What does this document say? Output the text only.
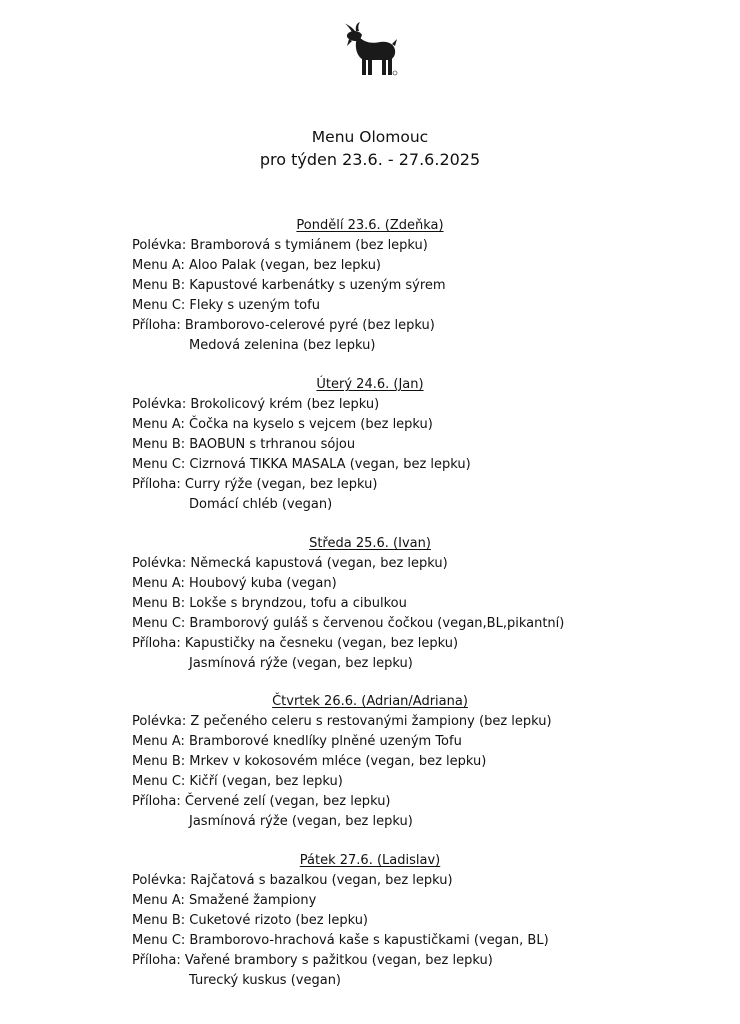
Menu Olomouc
pro týden 23.6. - 27.6.2025
Pondělí 23.6. (Zdeňka)
Polévka: Bramborová s tymiánem (bez lepku)
Menu A: Aloo Palak (vegan, bez lepku)
Menu B: Kapustové karbenátky s uzeným sýrem
Menu C: Fleky s uzeným tofu
Příloha: Bramborovo-celerové pyré (bez lepku)
Medová zelenina (bez lepku)
Úterý 24.6. (Jan)
Polévka: Brokolicový krém (bez lepku)
Menu A: Čočka na kyselo s vejcem (bez lepku)
Menu B: BAOBUN s trhranou sójou
Menu C: Cizrnová TIKKA MASALA (vegan, bez lepku)
Příloha: Curry rýže (vegan, bez lepku)
Domácí chléb (vegan)
Středa 25.6. (Ivan)
Polévka: Německá kapustová (vegan, bez lepku)
Menu A: Houbový kuba (vegan)
Menu B: Lokše s bryndzou, tofu a cibulkou
Menu C: Bramborový guláš s červenou čočkou (vegan,BL,pikantní)
Příloha: Kapustičky na česneku (vegan, bez lepku)
Jasmínová rýže (vegan, bez lepku)
Čtvrtek 26.6. (Adrian/Adriana)
Polévka: Z pečeného celeru s restovanými žampiony (bez lepku)
Menu A: Bramborové knedlíky plněné uzeným Tofu
Menu B: Mrkev v kokosovém mléce (vegan, bez lepku)
Menu C: Kičří (vegan, bez lepku)
Příloha: Červené zelí (vegan, bez lepku)
Jasmínová rýže (vegan, bez lepku)
Pátek 27.6. (Ladislav)
Polévka: Rajčatová s bazalkou (vegan, bez lepku)
Menu A: Smažené žampiony
Menu B: Cuketové rizoto (bez lepku)
Menu C: Bramborovo-hrachová kaše s kapustičkami (vegan, BL)
Příloha: Vařené brambory s pažitkou (vegan, bez lepku)
Turecký kuskus (vegan)
